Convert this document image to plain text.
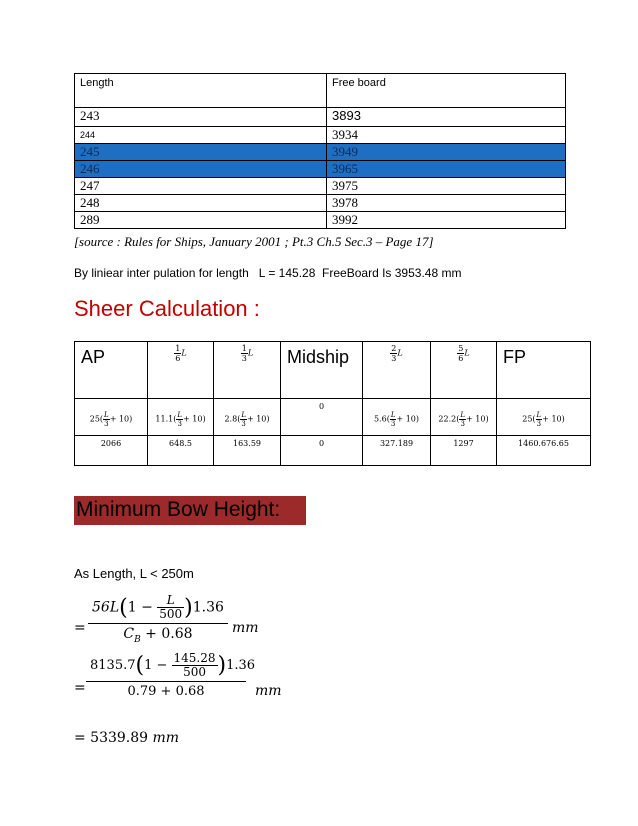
Length	Free board
243	3893
244	3934
245	3949
246	3965
247	3975
248	3978
289	3992
[source : Rules for Ships, January 2001 ; Pt.3 Ch.5 Sec.3 – Page 17]
By liniear inter pulation for length   L = 145.28  FreeBoard Is 3953.48 mm
Sheer Calculation :
AP	$\frac{1}{6}$ L	$\frac{1}{3}$ L	Midship	$\frac{2}{3}$ L	$\frac{5}{6}$ L	FP

$25( \frac{L}{3} + 10)$	$11.1( \frac{L}{3} + 10)$	$2.8( \frac{L}{3} + 10)$	0	$5.6( \frac{L}{3} + 10)$	$22.2( \frac{L}{3} + 10)$	$25( \frac{L}{3} + 10)$
2066	648.5	163.59	0	327.189	1297	1460.676.65
Minimum Bow Height:
As Length, L < 250m
=
$56L(1 - \frac{L}{500} )1.36$
$C_B + 0.68$	mm
=
$8135.7(1 - \frac{145.28}{500} )1.36$
0.79 + 0.68	mm
= 5339.89 mm
